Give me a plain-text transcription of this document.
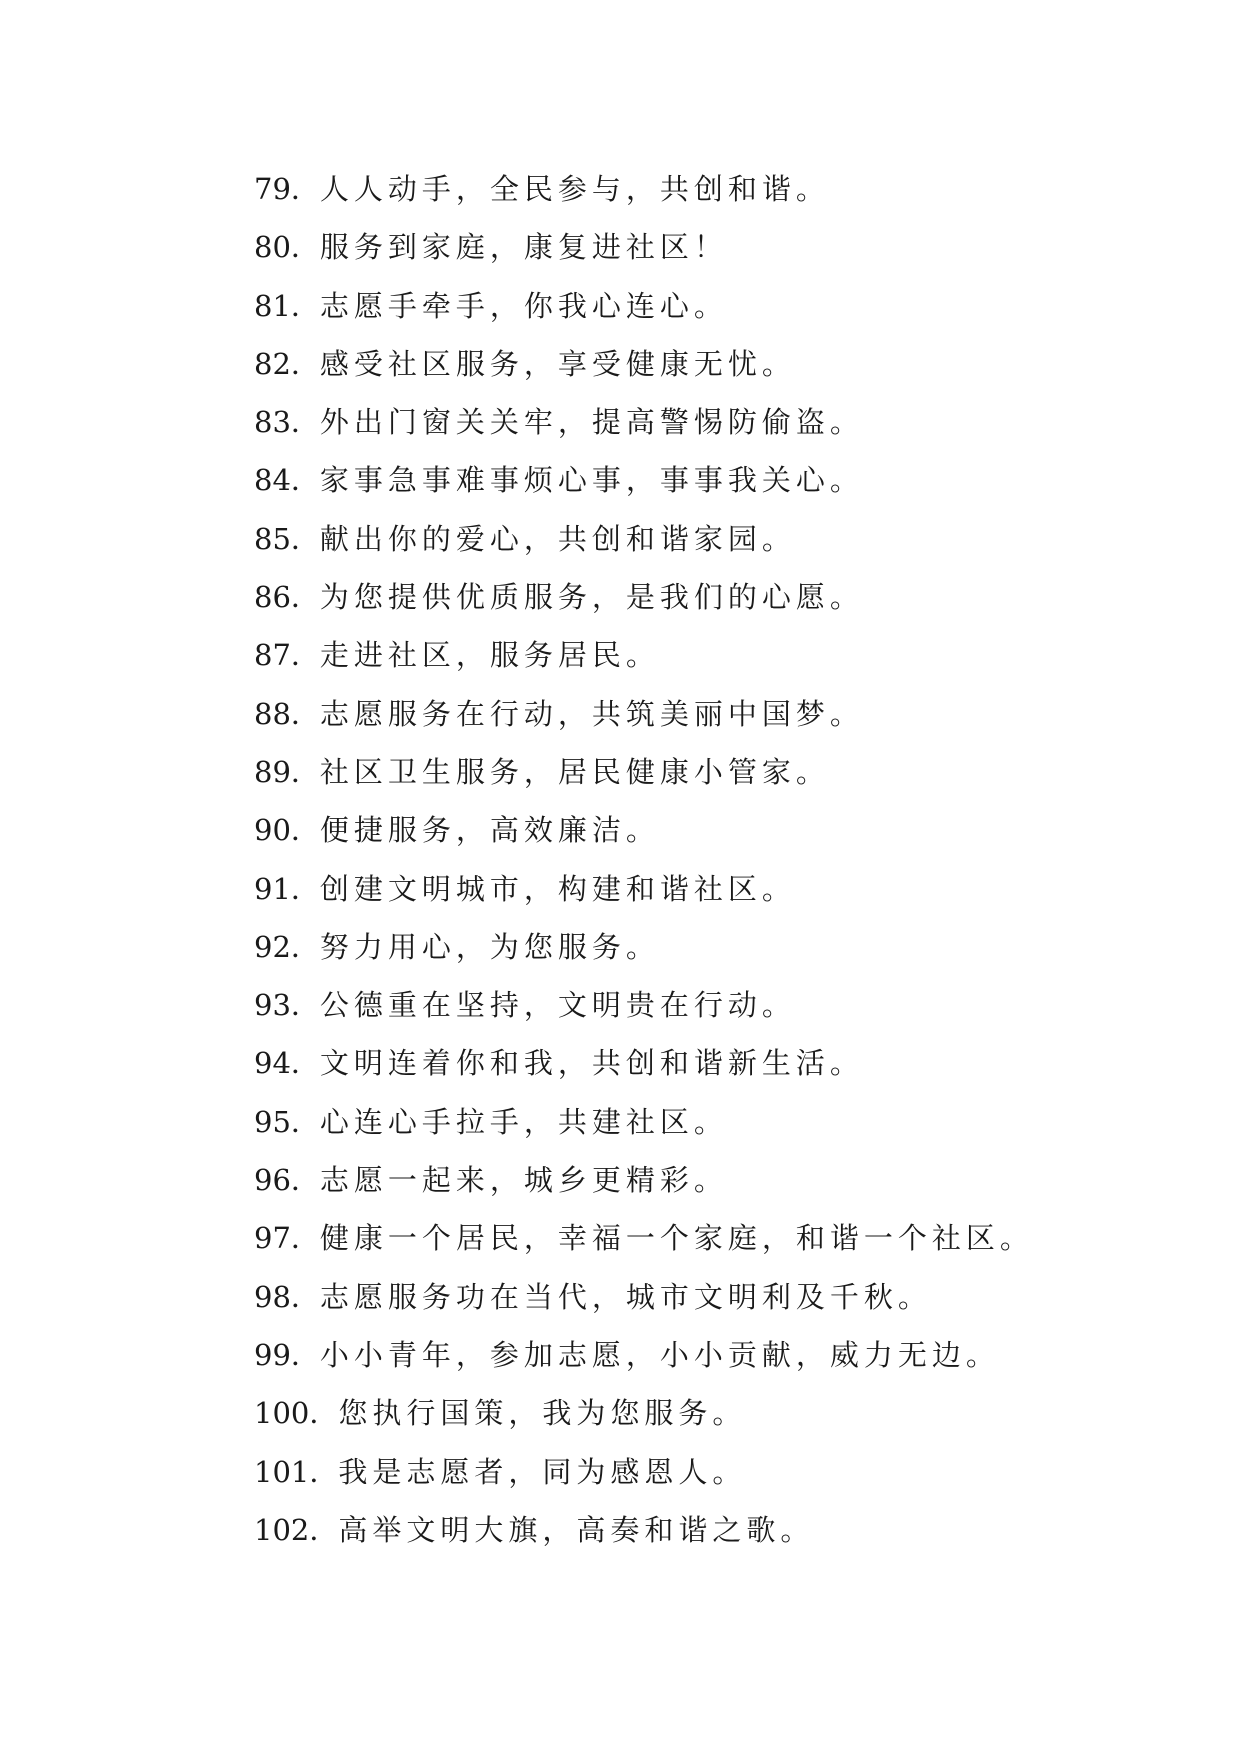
79．人人动手，全民参与，共创和谐。
80．服务到家庭，康复进社区！
81．志愿手牵手，你我心连心。
82．感受社区服务，享受健康无忧。
83．外出门窗关关牢，提高警惕防偷盗。
84．家事急事难事烦心事，事事我关心。
85．献出你的爱心，共创和谐家园。
86．为您提供优质服务，是我们的心愿。
87．走进社区，服务居民。
88．志愿服务在行动，共筑美丽中国梦。
89．社区卫生服务，居民健康小管家。
90．便捷服务，高效廉洁。
91．创建文明城市，构建和谐社区。
92．努力用心，为您服务。
93．公德重在坚持，文明贵在行动。
94．文明连着你和我，共创和谐新生活。
95．心连心手拉手，共建社区。
96．志愿一起来，城乡更精彩。
97．健康一个居民，幸福一个家庭，和谐一个社区。
98．志愿服务功在当代，城市文明利及千秋。
99．小小青年，参加志愿，小小贡献，威力无边。
100．您执行国策，我为您服务。
101．我是志愿者，同为感恩人。
102．高举文明大旗，高奏和谐之歌。
